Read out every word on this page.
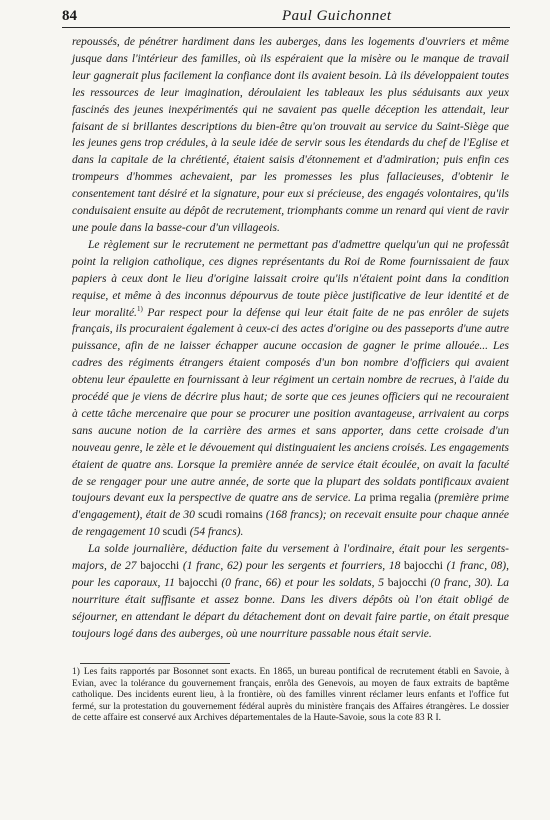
84	Paul Guichonnet

repoussés, de pénétrer hardiment dans les auberges, dans les logements d'ouvriers et même jusque dans l'intérieur des familles, où ils espéraient que la misère ou le manque de travail leur gagnerait plus facilement la confiance dont ils avaient besoin. Là ils développaient toutes les ressources de leur imagination, déroulaient les tableaux les plus séduisants aux yeux fascinés des jeunes inexpérimentés qui ne savaient pas quelle déception les attendait, leur faisant de si brillantes descriptions du bien-être qu'on trouvait au service du Saint-Siège que les jeunes gens trop crédules, à la seule idée de servir sous les étendards du chef de l'Eglise et dans la capitale de la chrétienté, étaient saisis d'étonnement et d'admiration; puis enfin ces trompeurs d'hommes achevaient, par les promesses les plus fallacieuses, d'obtenir le consentement tant désiré et la signature, pour eux si précieuse, des engagés volontaires, qu'ils conduisaient ensuite au dépôt de recrutement, triomphants comme un renard qui vient de ravir une poule dans la basse-cour d'un villageois.

Le règlement sur le recrutement ne permettant pas d'admettre quelqu'un qui ne professât point la religion catholique, ces dignes représentants du Roi de Rome fournissaient de faux papiers à ceux dont le lieu d'origine laissait croire qu'ils n'étaient point dans la condition requise, et même à des inconnus dépourvus de toute pièce justificative de leur identité et de leur moralité.$^{1)}$ Par respect pour la défense qui leur était faite de ne pas enrôler de sujets français, ils procuraient également à ceux-ci des actes d'origine ou des passeports d'une autre puissance, afin de ne laisser échapper aucune occasion de gagner le prime allouée... Les cadres des régiments étrangers étaient composés d'un bon nombre d'officiers qui avaient obtenu leur épaulette en fournissant à leur régiment un certain nombre de recrues, à l'aide du procédé que je viens de décrire plus haut; de sorte que ces jeunes officiers qui ne recouraient à cette tâche mercenaire que pour se procurer une position avantageuse, arrivaient au corps sans aucune notion de la carrière des armes et sans apporter, dans cette croisade d'un nouveau genre, le zèle et le dévouement qui distinguaient les anciens croisés. Les engagements étaient de quatre ans. Lorsque la première année de service était écoulée, on avait la faculté de se rengager pour une autre année, de sorte que la plupart des soldats pontificaux avaient toujours devant eux la perspective de quatre ans de service. La prima regalia (première prime d'engagement), était de 30 scudi romains (168 francs); on recevait ensuite pour chaque année de rengagement 10 scudi (54 francs).

La solde journalière, déduction faite du versement à l'ordinaire, était pour les sergents-majors, de 27 bajocchi (1 franc, 62) pour les sergents et fourriers, 18 bajocchi (1 franc, 08), pour les caporaux, 11 bajocchi (0 franc, 66) et pour les soldats, 5 bajocchi (0 franc, 30). La nourriture était suffisante et assez bonne. Dans les divers dépôts où l'on était obligé de séjourner, en attendant le départ du détachement dont on devait faire partie, on était presque toujours logé dans des auberges, où une nourriture passable nous était servie.

1) Les faits rapportés par Bosonnet sont exacts. En 1865, un bureau pontifical de recrutement établi en Savoie, à Evian, avec la tolérance du gouvernement français, enrôla des Genevois, au moyen de faux extraits de baptême catholique. Des incidents eurent lieu, à la frontière, où des familles vinrent réclamer leurs enfants et l'office fut fermé, sur la protestation du gouvernement fédéral auprès du ministère français des Affaires étrangères. Le dossier de cette affaire est conservé aux Archives départementales de la Haute-Savoie, sous la cote 83 R I.
